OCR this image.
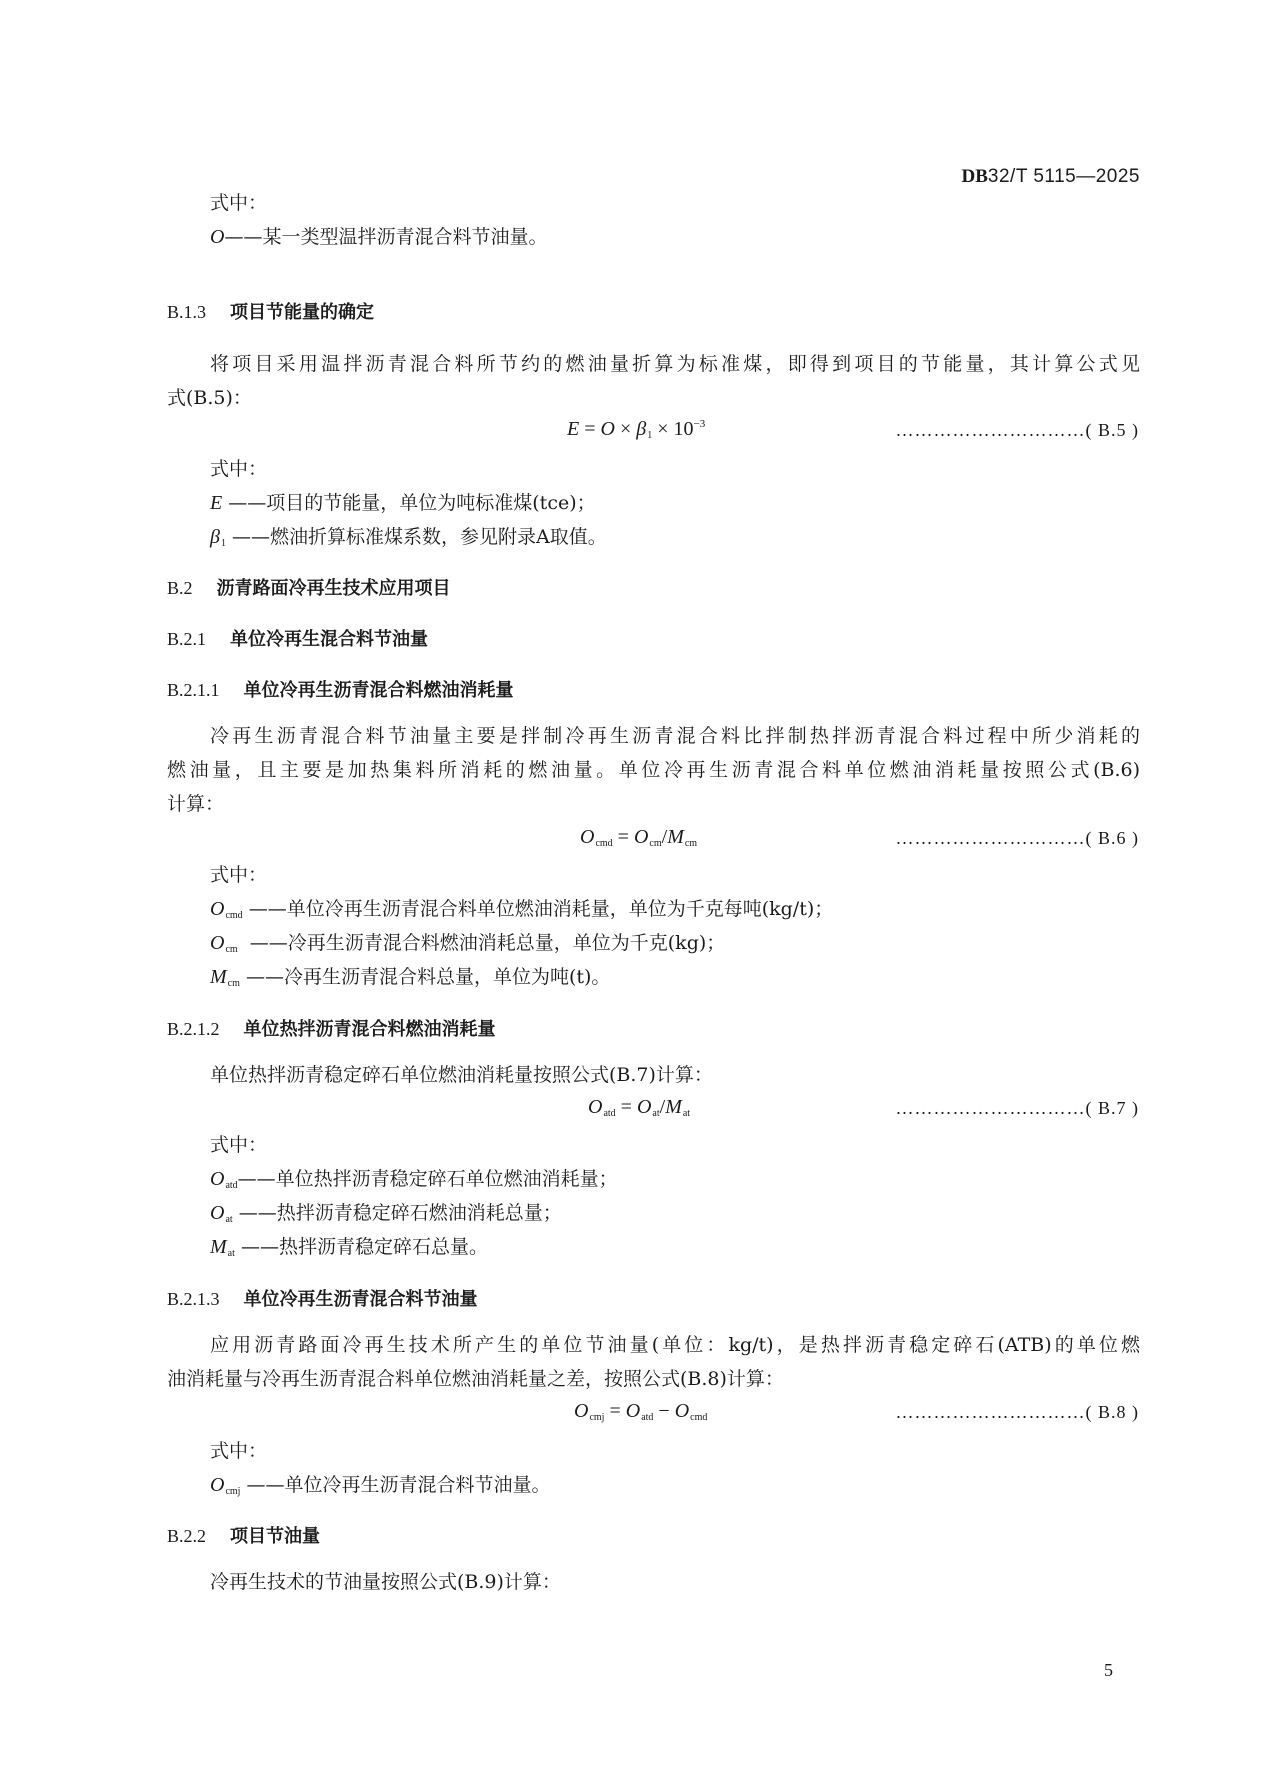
DB32/T 5115—2025
式中：
O——某一类型温拌沥青混合料节油量。
B.1.3 项目节能量的确定
将项目采用温拌沥青混合料所节约的燃油量折算为标准煤，即得到项目的节能量，其计算公式见
式(B.5)：
$E = O \times \beta_1 \times 10^{-3}$	…………………………( B.5 )
式中：
E ——项目的节能量，单位为吨标准煤(tce)；
$\beta_1$ ——燃油折算标准煤系数，参见附录A取值。
B.2 沥青路面冷再生技术应用项目
B.2.1 单位冷再生混合料节油量
B.2.1.1 单位冷再生沥青混合料燃油消耗量
冷再生沥青混合料节油量主要是拌制冷再生沥青混合料比拌制热拌沥青混合料过程中所少消耗的
燃油量，且主要是加热集料所消耗的燃油量。单位冷再生沥青混合料单位燃油消耗量按照公式(B.6)
计算：
$O_{cmd} = O_{cm}/M_{cm}$	…………………………( B.6 )
式中：
$O_{cmd}$ ——单位冷再生沥青混合料单位燃油消耗量，单位为千克每吨(kg/t)；
$O_{cm}$ ——冷再生沥青混合料燃油消耗总量，单位为千克(kg)；
$M_{cm}$ ——冷再生沥青混合料总量，单位为吨(t)。
B.2.1.2 单位热拌沥青混合料燃油消耗量
单位热拌沥青稳定碎石单位燃油消耗量按照公式(B.7)计算：
$O_{atd} = O_{at}/M_{at}$	…………………………( B.7 )
式中：
$O_{atd}——$单位热拌沥青稳定碎石单位燃油消耗量；
$O_{at}$ ——热拌沥青稳定碎石燃油消耗总量；
$M_{at}$ ——热拌沥青稳定碎石总量。
B.2.1.3 单位冷再生沥青混合料节油量
应用沥青路面冷再生技术所产生的单位节油量(单位：kg/t)，是热拌沥青稳定碎石(ATB)的单位燃
油消耗量与冷再生沥青混合料单位燃油消耗量之差，按照公式(B.8)计算：
$O_{cmj} = O_{atd} - O_{cmd}$	…………………………( B.8 )
式中：
$O_{cmj}$ ——单位冷再生沥青混合料节油量。
B.2.2 项目节油量
冷再生技术的节油量按照公式(B.9)计算：
5
